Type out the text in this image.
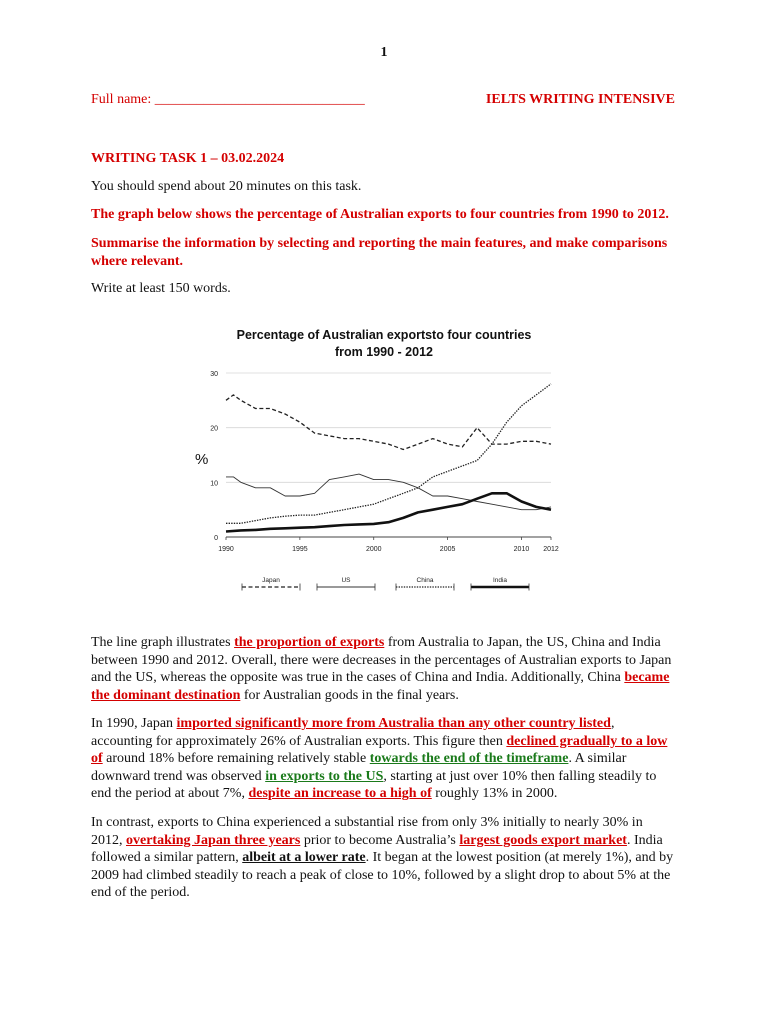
1
Full name: ______________________________	IELTS WRITING INTENSIVE
WRITING TASK 1 – 03.02.2024
You should spend about 20 minutes on this task.
The graph below shows the percentage of Australian exports to four countries from 1990 to 2012.
Summarise the information by selecting and reporting the main features, and make comparisons where relevant.
Write at least 150 words.
Percentage of Australian exportsto four countries
from 1990 - 2012
%
0
10
20
30
1990	1995	2000	2005	2010 2012
Japan	US	China	India
The line graph illustrates the proportion of exports from Australia to Japan, the US, China and India between 1990 and 2012. Overall, there were decreases in the percentages of Australian exports to Japan and the US, whereas the opposite was true in the cases of China and India. Additionally, China became the dominant destination for Australian goods in the final years.
In 1990, Japan imported significantly more from Australia than any other country listed, accounting for approximately 26% of Australian exports. This figure then declined gradually to a low of around 18% before remaining relatively stable towards the end of the timeframe. A similar downward trend was observed in exports to the US, starting at just over 10% then falling steadily to end the period at about 7%, despite an increase to a high of roughly 13% in 2000.
In contrast, exports to China experienced a substantial rise from only 3% initially to nearly 30% in 2012, overtaking Japan three years prior to become Australia’s largest goods export market. India followed a similar pattern, albeit at a lower rate. It began at the lowest position (at merely 1%), and by 2009 had climbed steadily to reach a peak of close to 10%, followed by a slight drop to about 5% at the end of the period.
